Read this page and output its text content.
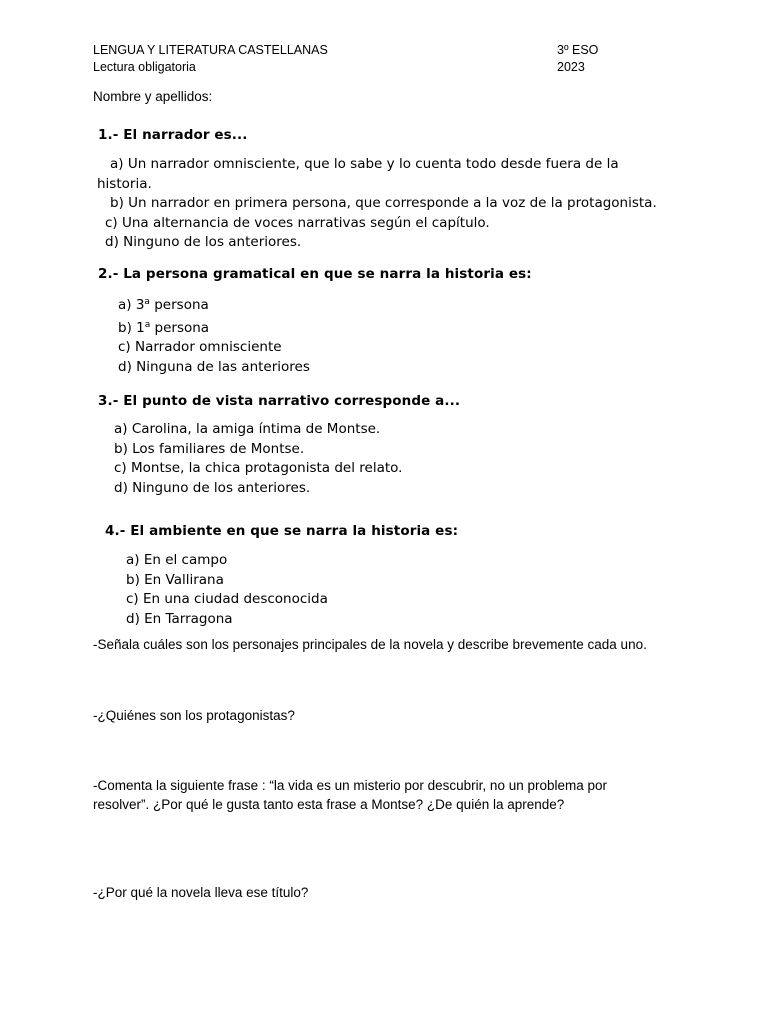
LENGUA Y LITERATURA CASTELLANAS	3º ESO
Lectura obligatoria	2023
Nombre y apellidos:
1.- El narrador es...
a) Un narrador omnisciente, que lo sabe y lo cuenta todo desde fuera de la
historia.
b) Un narrador en primera persona, que corresponde a la voz de la protagonista.
c) Una alternancia de voces narrativas según el capítulo.
d) Ninguno de los anteriores.
2.- La persona gramatical en que se narra la historia es:
a) 3$^a$ persona
b) 1$^a$ persona
c) Narrador omnisciente
d) Ninguna de las anteriores
3.- El punto de vista narrativo corresponde a...
a) Carolina, la amiga íntima de Montse.
b) Los familiares de Montse.
c) Montse, la chica protagonista del relato.
d) Ninguno de los anteriores.
4.- El ambiente en que se narra la historia es:
a) En el campo
b) En Vallirana
c) En una ciudad desconocida
d) En Tarragona
-Señala cuáles son los personajes principales de la novela y describe brevemente cada uno.
-¿Quiénes son los protagonistas?
-Comenta la siguiente frase : “la vida es un misterio por descubrir, no un problema por
resolver”. ¿Por qué le gusta tanto esta frase a Montse? ¿De quién la aprende?
-¿Por qué la novela lleva ese título?
